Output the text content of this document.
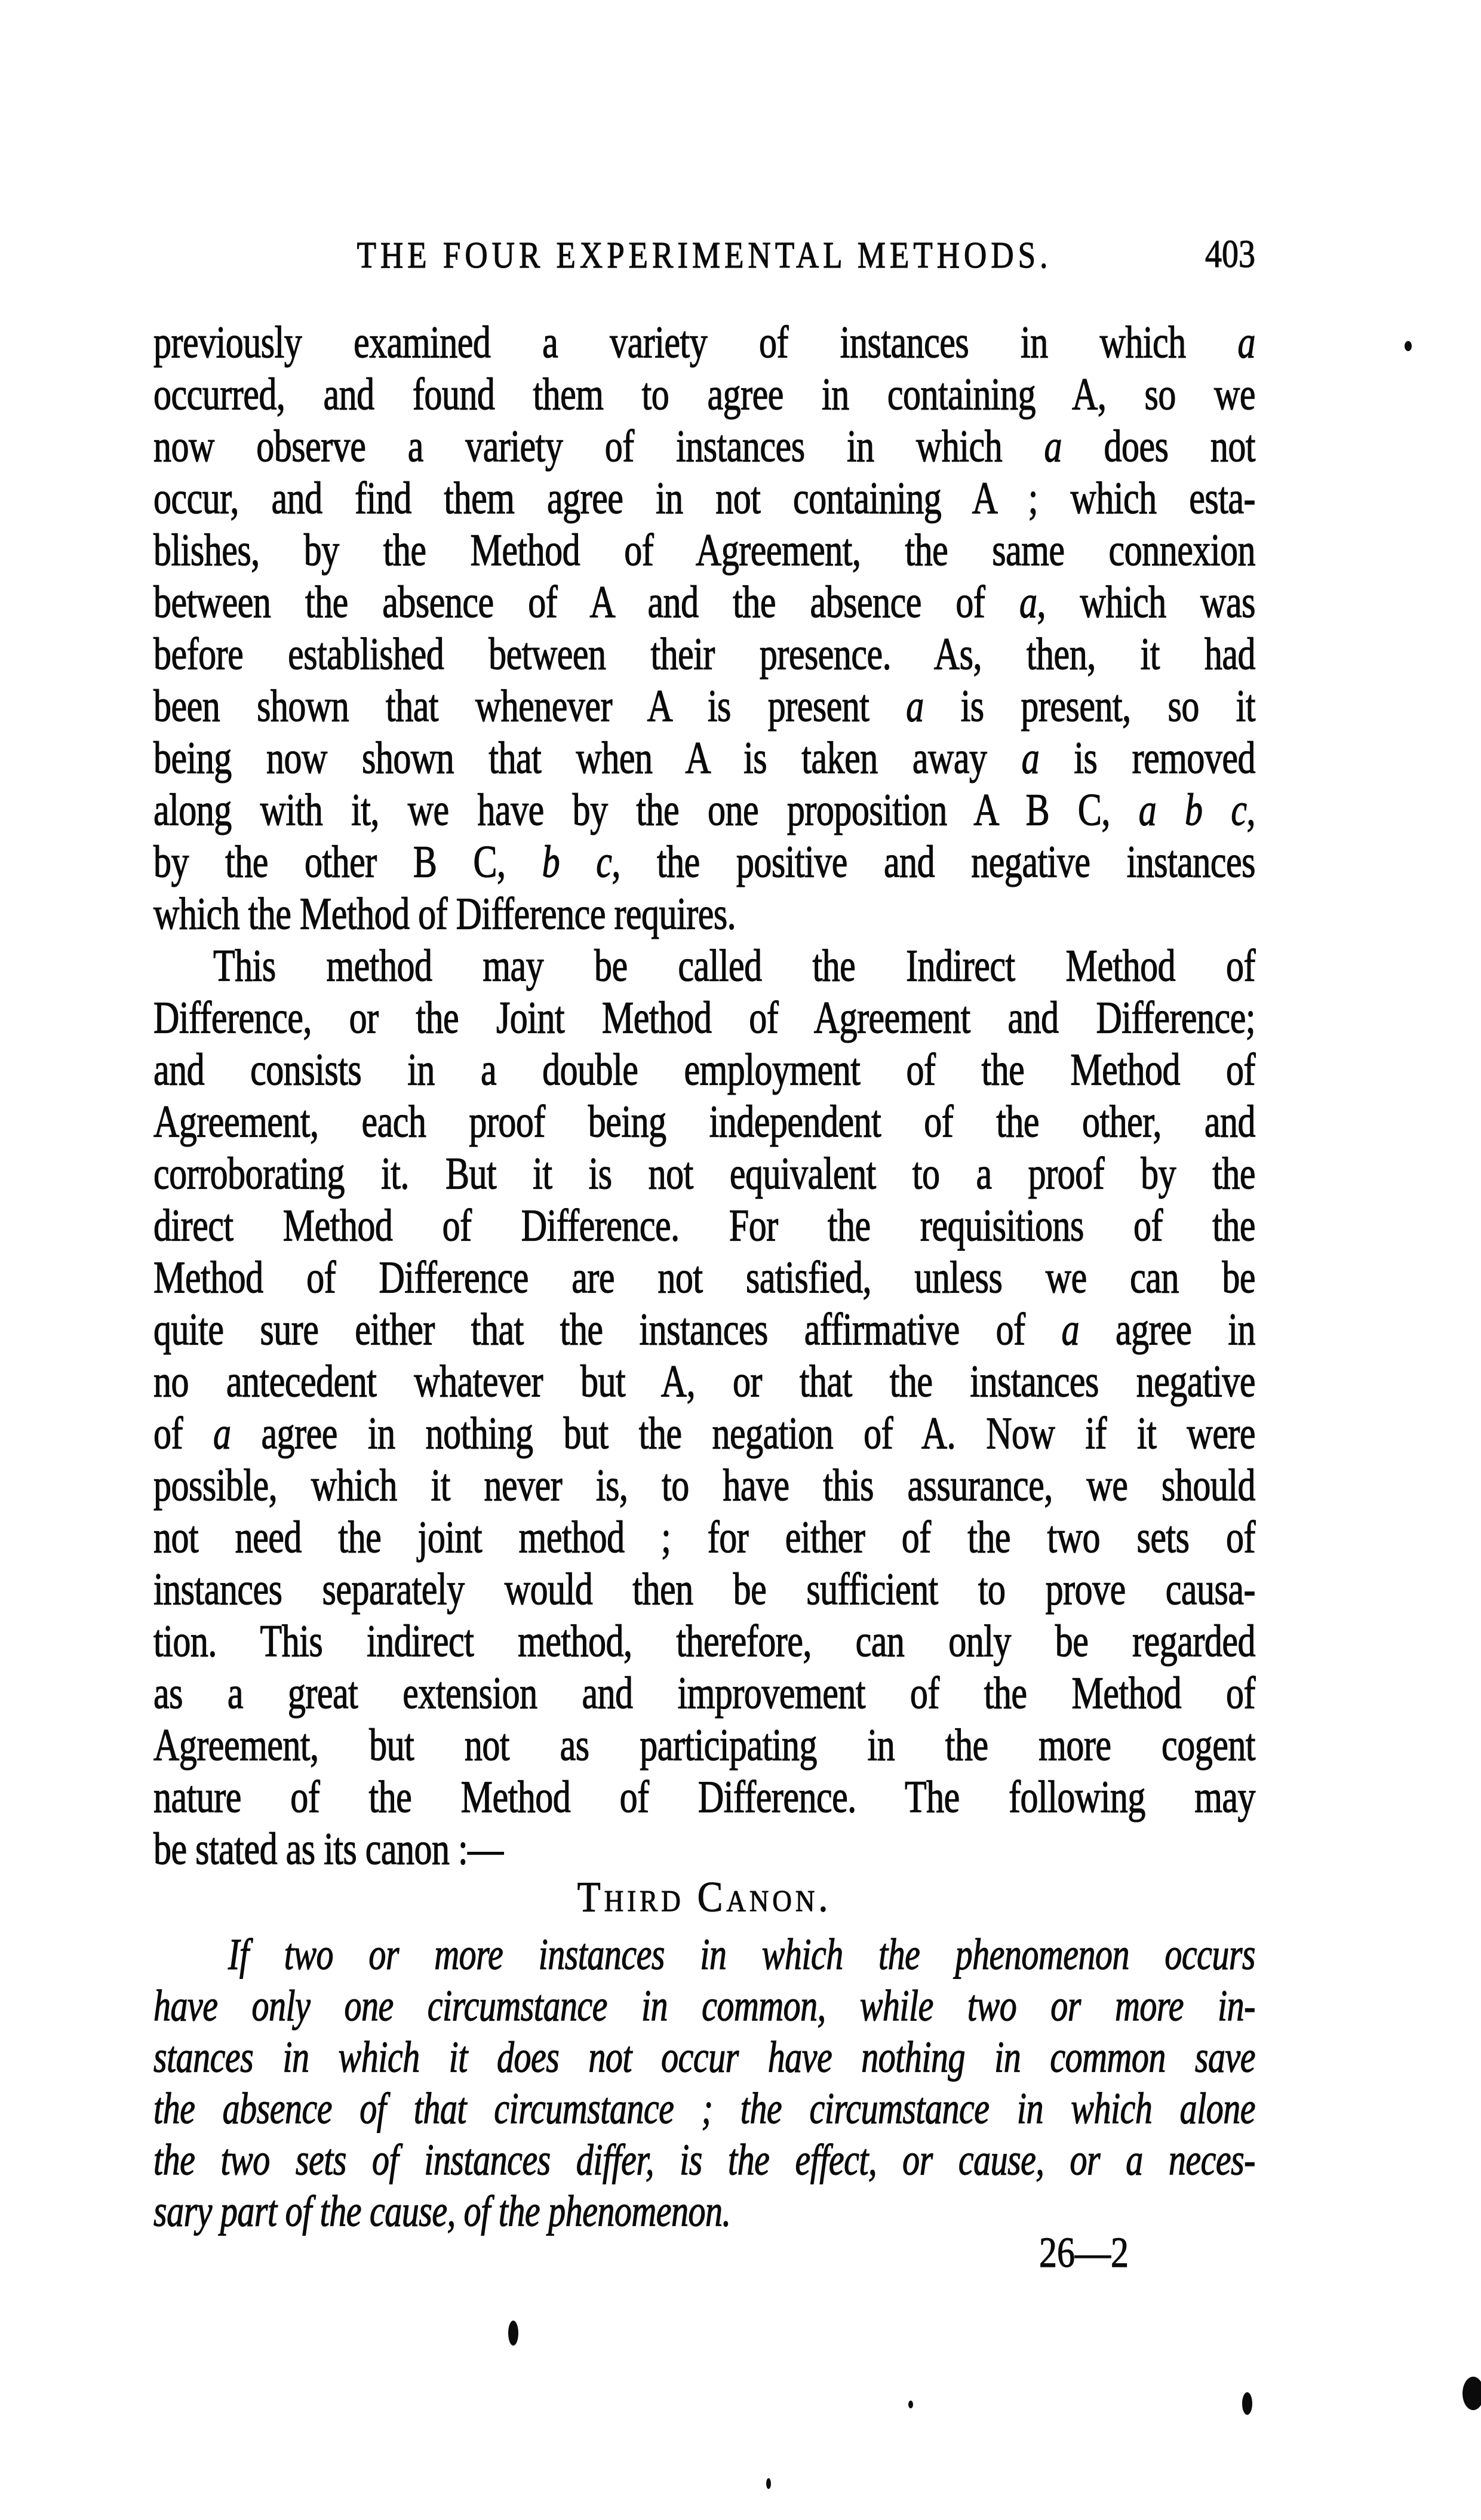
THE FOUR EXPERIMENTAL METHODS.	403
previously examined a variety of instances in which a
occurred, and found them to agree in containing A, so we
now observe a variety of instances in which a does not
occur, and find them agree in not containing A ; which esta-
blishes, by the Method of Agreement, the same connexion
between the absence of A and the absence of a, which was
before established between their presence. As, then, it had
been shown that whenever A is present a is present, so it
being now shown that when A is taken away a is removed
along with it, we have by the one proposition A B C, a b c,
by the other B C, b c, the positive and negative instances
which the Method of Difference requires.
This method may be called the Indirect Method of
Difference, or the Joint Method of Agreement and Difference;
and consists in a double employment of the Method of
Agreement, each proof being independent of the other, and
corroborating it. But it is not equivalent to a proof by the
direct Method of Difference. For the requisitions of the
Method of Difference are not satisfied, unless we can be
quite sure either that the instances affirmative of a agree in
no antecedent whatever but A, or that the instances negative
of a agree in nothing but the negation of A. Now if it were
possible, which it never is, to have this assurance, we should
not need the joint method ; for either of the two sets of
instances separately would then be sufficient to prove causa-
tion. This indirect method, therefore, can only be regarded
as a great extension and improvement of the Method of
Agreement, but not as participating in the more cogent
nature of the Method of Difference. The following may
be stated as its canon :—
Third Canon.
If two or more instances in which the phenomenon occurs
have only one circumstance in common, while two or more in-
stances in which it does not occur have nothing in common save
the absence of that circumstance ; the circumstance in which alone
the two sets of instances differ, is the effect, or cause, or a neces-
sary part of the cause, of the phenomenon.
26—2
